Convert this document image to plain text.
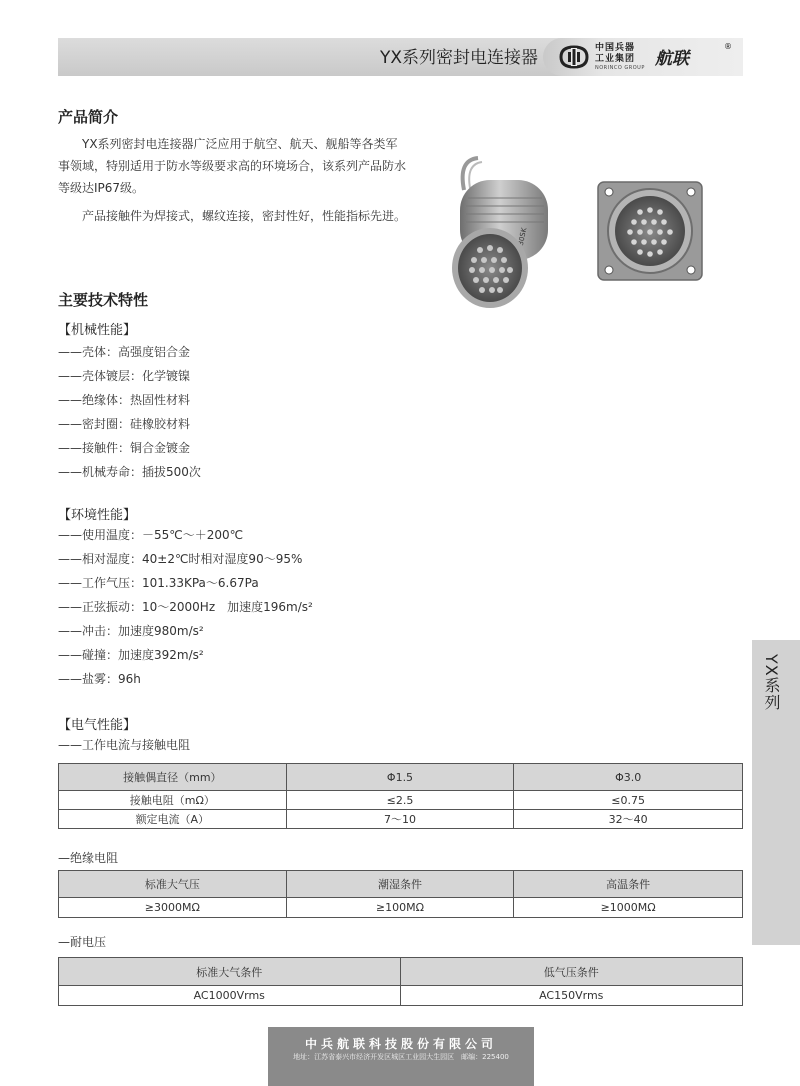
YX系列密封电连接器	中国兵器
工业集团
NORINCO GROUP 航联
®
产品简介
　　YX系列密封电连接器广泛应用于航空、航天、舰船等各类军事领域，特别适用于防水等级要求高的环境场合，该系列产品防水等级达IP67级。
　　产品接触件为焊接式，螺纹连接，密封性好，性能指标先进。
主要技术特性
【机械性能】
——壳体：高强度铝合金
——壳体镀层：化学镀镍
——绝缘体：热固性材料
——密封圈：硅橡胶材料
——接触件：铜合金镀金
——机械寿命：插拔500次
【环境性能】
——使用温度：－55℃～＋200℃
——相对湿度：40±2℃时相对湿度90～95%
——工作气压：101.33KPa～6.67Pa
——正弦振动：10～2000Hz 加速度196m/s²
——冲击：加速度980m/s²
——碰撞：加速度392m/s²
——盐雾：96h
【电气性能】
——工作电流与接触电阻
接触偶直径（mm）	Φ1.5	Φ3.0
接触电阻（mΩ）	≤2.5	≤0.75
额定电流（A）	7～10	32～40
—绝缘电阻
标准大气压	潮湿条件	高温条件
≥3000MΩ	≥100MΩ	≥1000MΩ
—耐电压
标准大气条件	低气压条件
AC1000Vrms	AC150Vrms
YX系列
中兵航联科技股份有限公司
地址：江苏省泰兴市经济开发区城区工业园大生园区　邮编：225400
